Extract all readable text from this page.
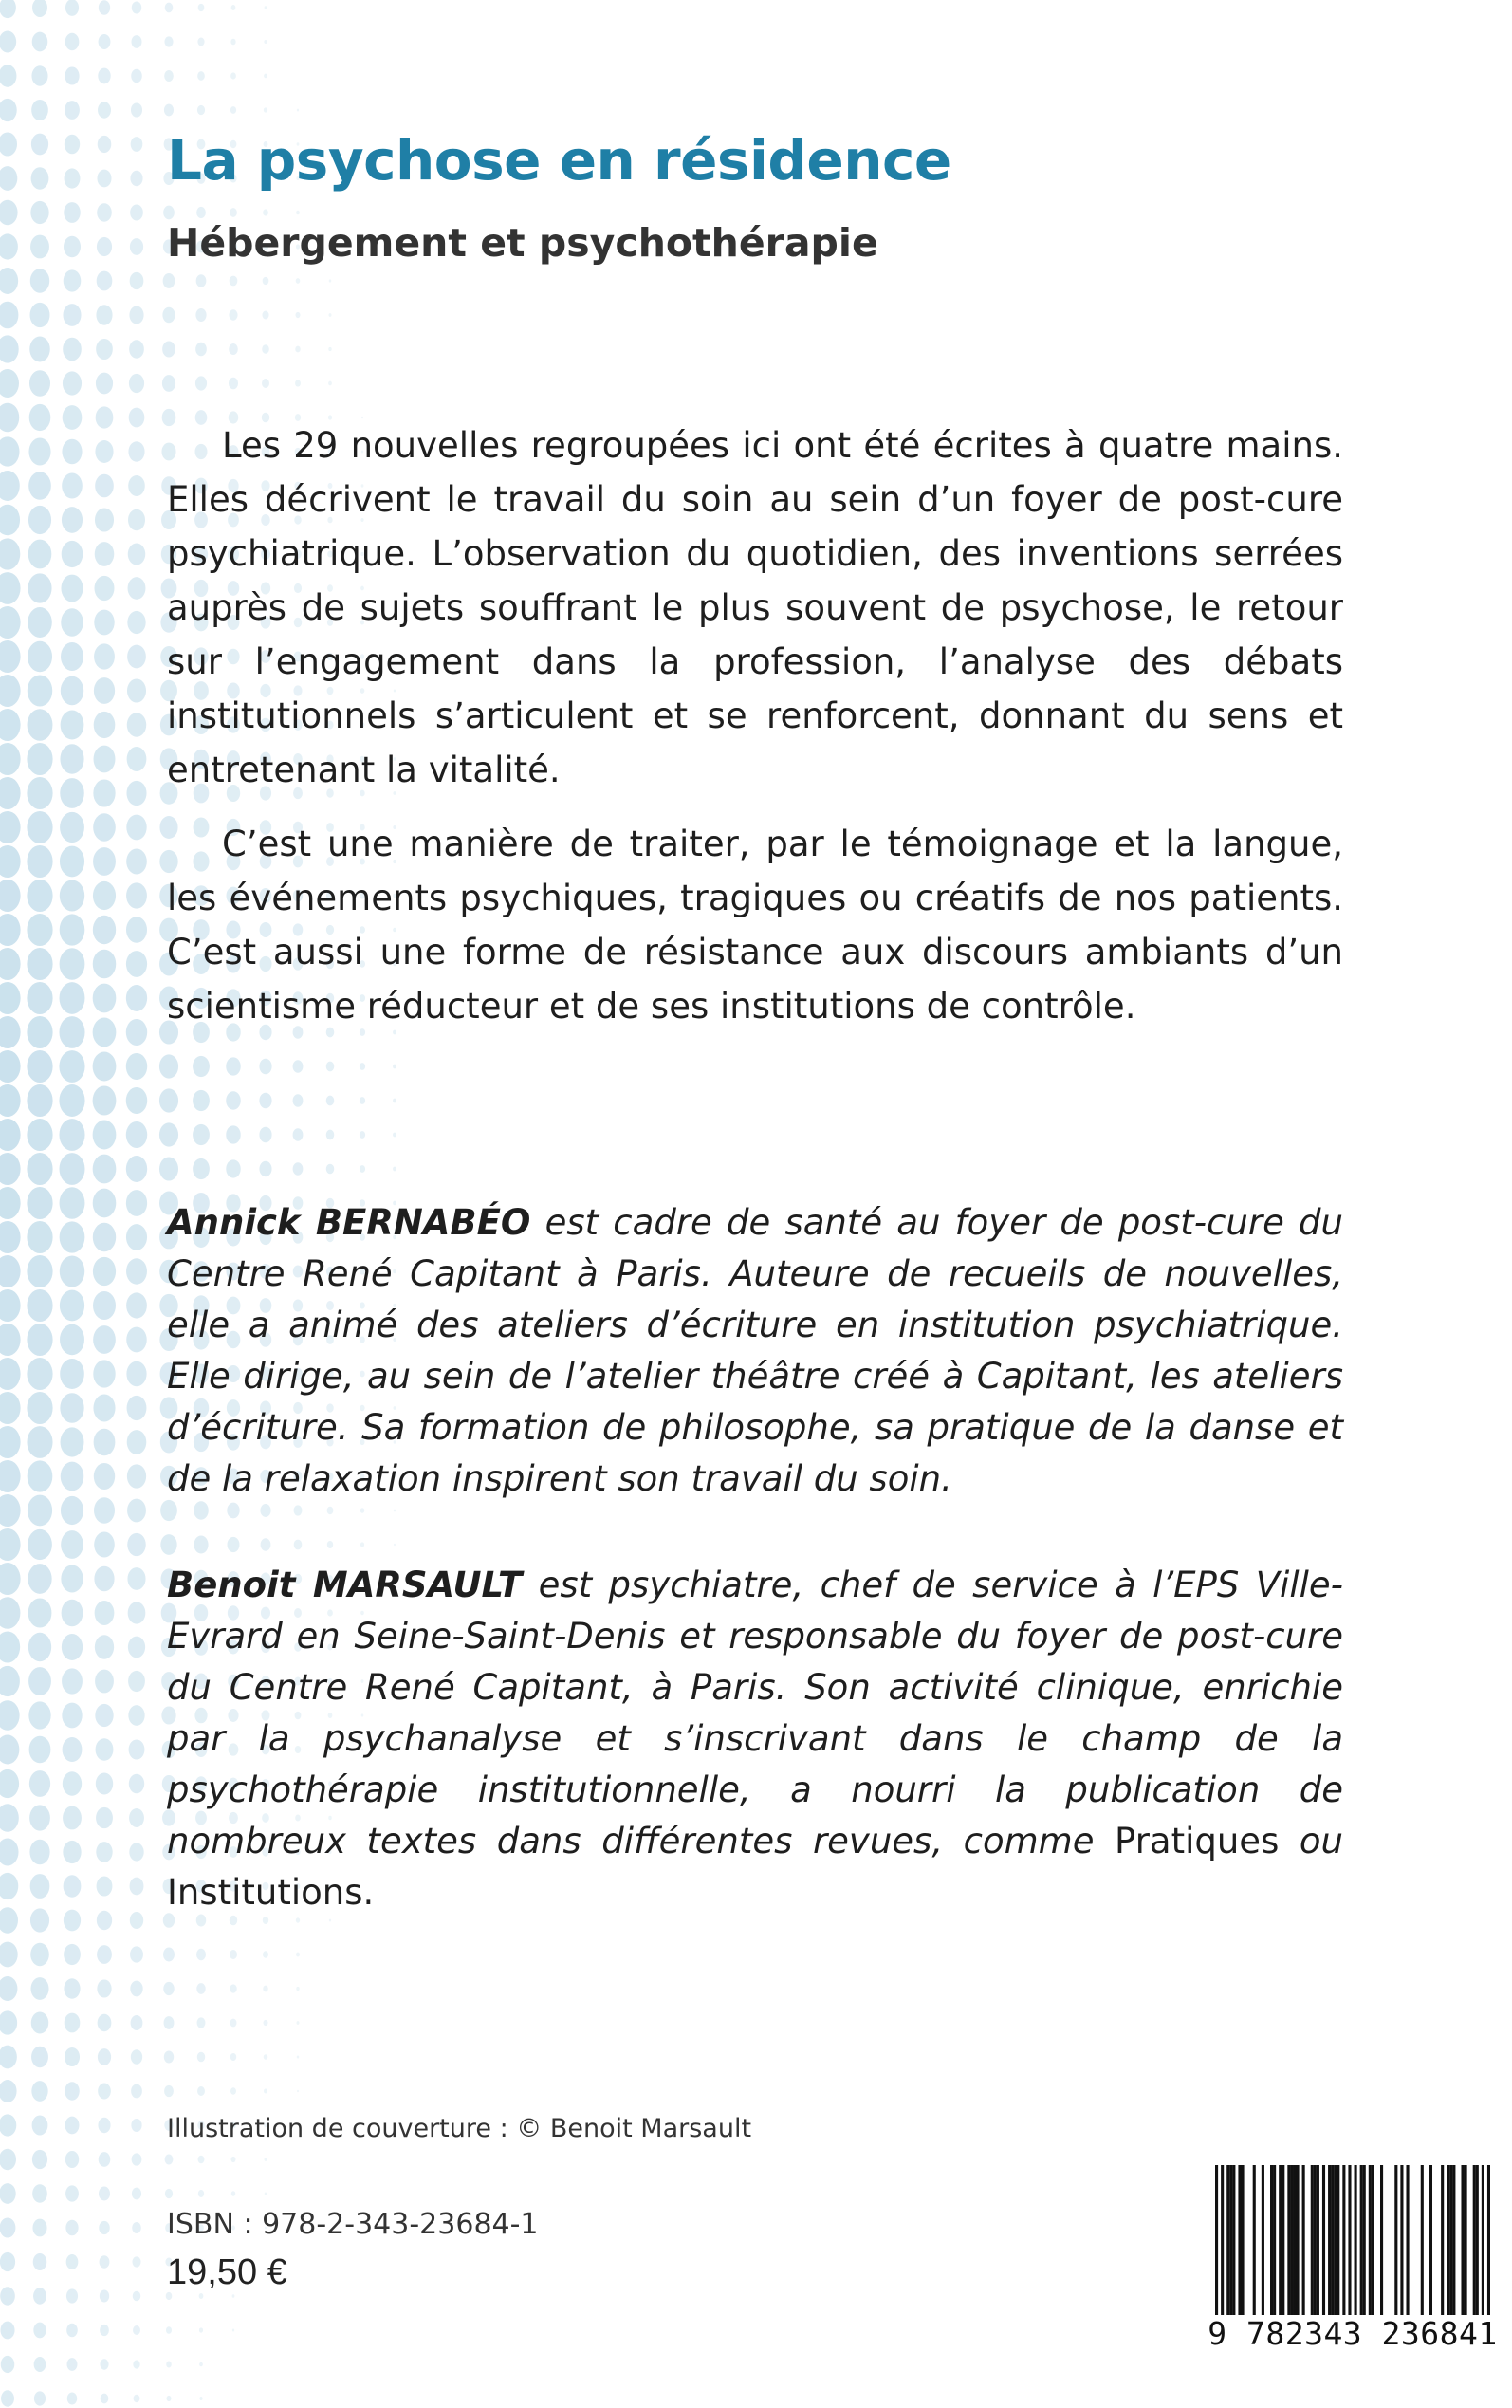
La psychose en résidence
Hébergement et psychothérapie

Les 29 nouvelles regroupées ici ont été écrites à quatre mains. Elles décrivent le travail du soin au sein d’un foyer de post-cure psychiatrique. L’observation du quotidien, des inventions serrées auprès de sujets souffrant le plus souvent de psychose, le retour sur l’engagement dans la profession, l’analyse des débats institutionnels s’articulent et se renforcent, donnant du sens et entretenant la vitalité.

C’est une manière de traiter, par le témoignage et la langue, les événements psychiques, tragiques ou créatifs de nos patients. C’est aussi une forme de résistance aux discours ambiants d’un scientisme réducteur et de ses institutions de contrôle.

Annick BERNABÉO est cadre de santé au foyer de post-cure du Centre René Capitant à Paris. Auteure de recueils de nouvelles, elle a animé des ateliers d’écriture en institution psychiatrique. Elle dirige, au sein de l’atelier théâtre créé à Capitant, les ateliers d’écriture. Sa formation de philosophe, sa pratique de la danse et de la relaxation inspirent son travail du soin.

Benoit MARSAULT est psychiatre, chef de service à l’EPS Ville-Evrard en Seine-Saint-Denis et responsable du foyer de post-cure du Centre René Capitant, à Paris. Son activité clinique, enrichie par la psychanalyse et s’inscrivant dans le champ de la psychothérapie institutionnelle, a nourri la publication de nombreux textes dans différentes revues, comme Pratiques ou Institutions.

Illustration de couverture : © Benoit Marsault
ISBN : 978-2-343-23684-1
19,50 €
9 782343 236841
